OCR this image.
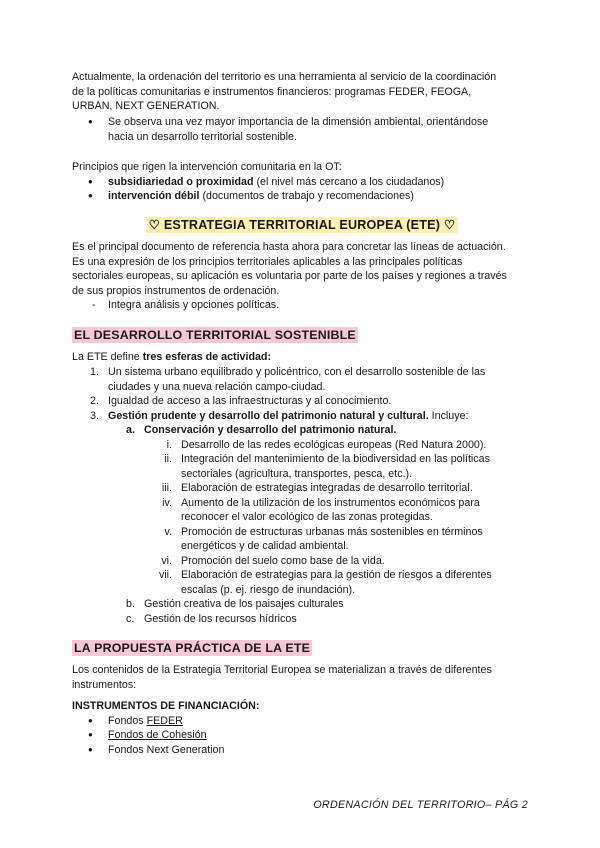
Actualmente, la ordenación del territorio es una herramienta al servicio de la coordinación

de la políticas comunitarias e instrumentos financieros: programas FEDER, FEOGA,

URBAN, NEXT GENERATION.

●	Se observa una vez mayor importancia de la dimensión ambiental, orientándose

hacia un desarrollo territorial sostenible.

Principios que rigen la intervención comunitaria en la OT:

●	subsidiariedad o proximidad (el nivel más cercano a los ciudadanos)

●	intervención débil (documentos de trabajo y recomendaciones)

♡ ESTRATEGIA TERRITORIAL EUROPEA (ETE) ♡

Es el principal documento de referencia hasta ahora para concretar las líneas de actuación.

Es una expresión de los principios territoriales aplicables a las principales políticas

sectoriales europeas, su aplicación es voluntaria por parte de los países y regiones a través

de sus propios instrumentos de ordenación.

-	Integra análisis y opciones políticas.

EL DESARROLLO TERRITORIAL SOSTENIBLE

La ETE define tres esferas de actividad:

1. Un sistema urbano equilibrado y policéntrico, con el desarrollo sostenible de las

ciudades y una nueva relación campo-ciudad.

2. Igualdad de acceso a las infraestructuras y al conocimiento.

3. Gestión prudente y desarrollo del patrimonio natural y cultural. Incluye:

a. Conservación y desarrollo del patrimonio natural.

i. Desarrollo de las redes ecológicas europeas (Red Natura 2000).

ii. Integración del mantenimiento de la biodiversidad en las políticas

sectoriales (agricultura, transportes, pesca, etc.).

iii. Elaboración de estrategias integradas de desarrollo territorial.

iv. Aumento de la utilización de los instrumentos económicos para

reconocer el valor ecológico de las zonas protegidas.

v. Promoción de estructuras urbanas más sostenibles en términos

energéticos y de calidad ambiental.

vi. Promoción del suelo como base de la vida.

vii. Elaboración de estrategias para la gestión de riesgos a diferentes

escalas (p. ej. riesgo de inundación).

b. Gestión creativa de los paisajes culturales

c. Gestión de los recursos hídricos

LA PROPUESTA PRÁCTICA DE LA ETE

Los contenidos de la Estrategia Territorial Europea se materializan a través de diferentes

instrumentos:

INSTRUMENTOS DE FINANCIACIÓN:

●	Fondos FEDER

●	Fondos de Cohesión

●	Fondos Next Generation

ORDENACIÓN DEL TERRITORIO– PÁG 2
